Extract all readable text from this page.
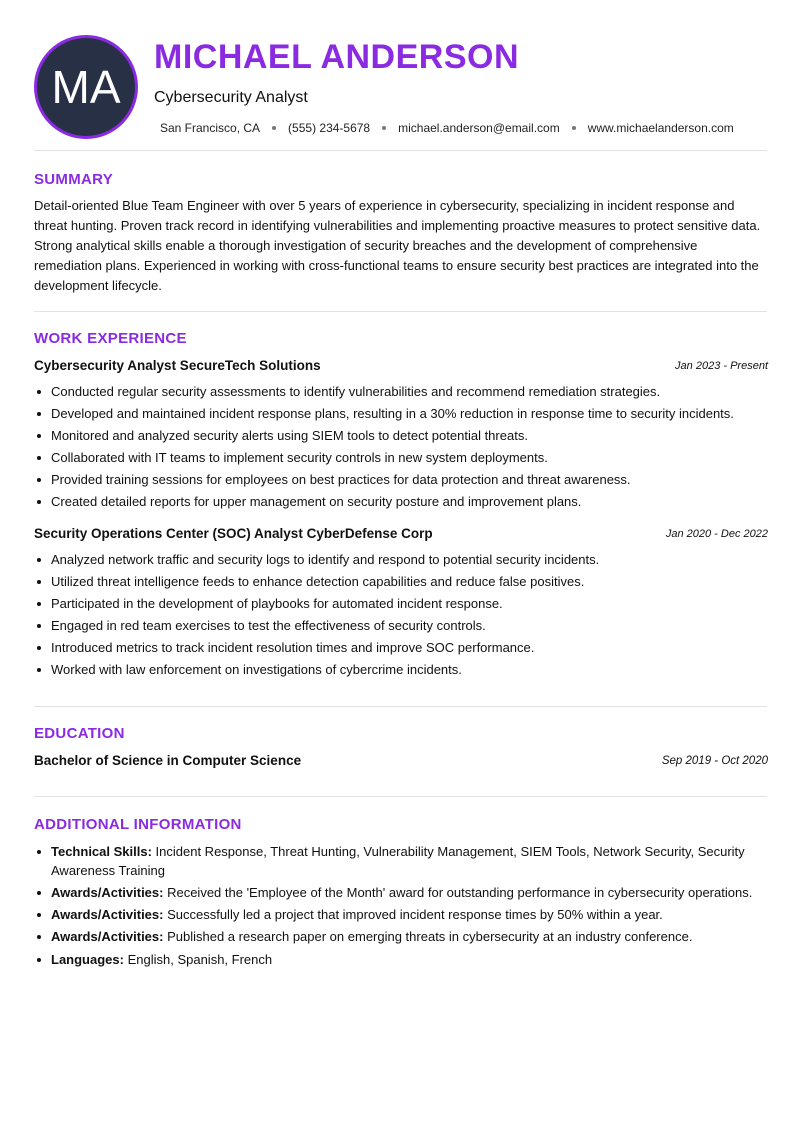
MA
MICHAEL ANDERSON
Cybersecurity Analyst
San Francisco, CA (555) 234-5678 michael.anderson@email.com www.michaelanderson.com
SUMMARY

Detail-oriented Blue Team Engineer with over 5 years of experience in cybersecurity, specializing in incident response and threat hunting. Proven track record in identifying vulnerabilities and implementing proactive measures to protect sensitive data. Strong analytical skills enable a thorough investigation of security breaches and the development of comprehensive remediation plans. Experienced in working with cross-functional teams to ensure security best practices are integrated into the development lifecycle.

WORK EXPERIENCE
Cybersecurity Analyst SecureTech Solutions	Jan 2023 - Present
Conducted regular security assessments to identify vulnerabilities and recommend remediation strategies.
Developed and maintained incident response plans, resulting in a 30% reduction in response time to security incidents.
Monitored and analyzed security alerts using SIEM tools to detect potential threats.
Collaborated with IT teams to implement security controls in new system deployments.
Provided training sessions for employees on best practices for data protection and threat awareness.
Created detailed reports for upper management on security posture and improvement plans.
Security Operations Center (SOC) Analyst CyberDefense Corp	Jan 2020 - Dec 2022
Analyzed network traffic and security logs to identify and respond to potential security incidents.
Utilized threat intelligence feeds to enhance detection capabilities and reduce false positives.
Participated in the development of playbooks for automated incident response.
Engaged in red team exercises to test the effectiveness of security controls.
Introduced metrics to track incident resolution times and improve SOC performance.
Worked with law enforcement on investigations of cybercrime incidents.
EDUCATION
Bachelor of Science in Computer Science	Sep 2019 - Oct 2020
ADDITIONAL INFORMATION
Technical Skills: Incident Response, Threat Hunting, Vulnerability Management, SIEM Tools, Network Security, Security Awareness Training
Awards/Activities: Received the 'Employee of the Month' award for outstanding performance in cybersecurity operations.
Awards/Activities: Successfully led a project that improved incident response times by 50% within a year.
Awards/Activities: Published a research paper on emerging threats in cybersecurity at an industry conference.
Languages: English, Spanish, French
